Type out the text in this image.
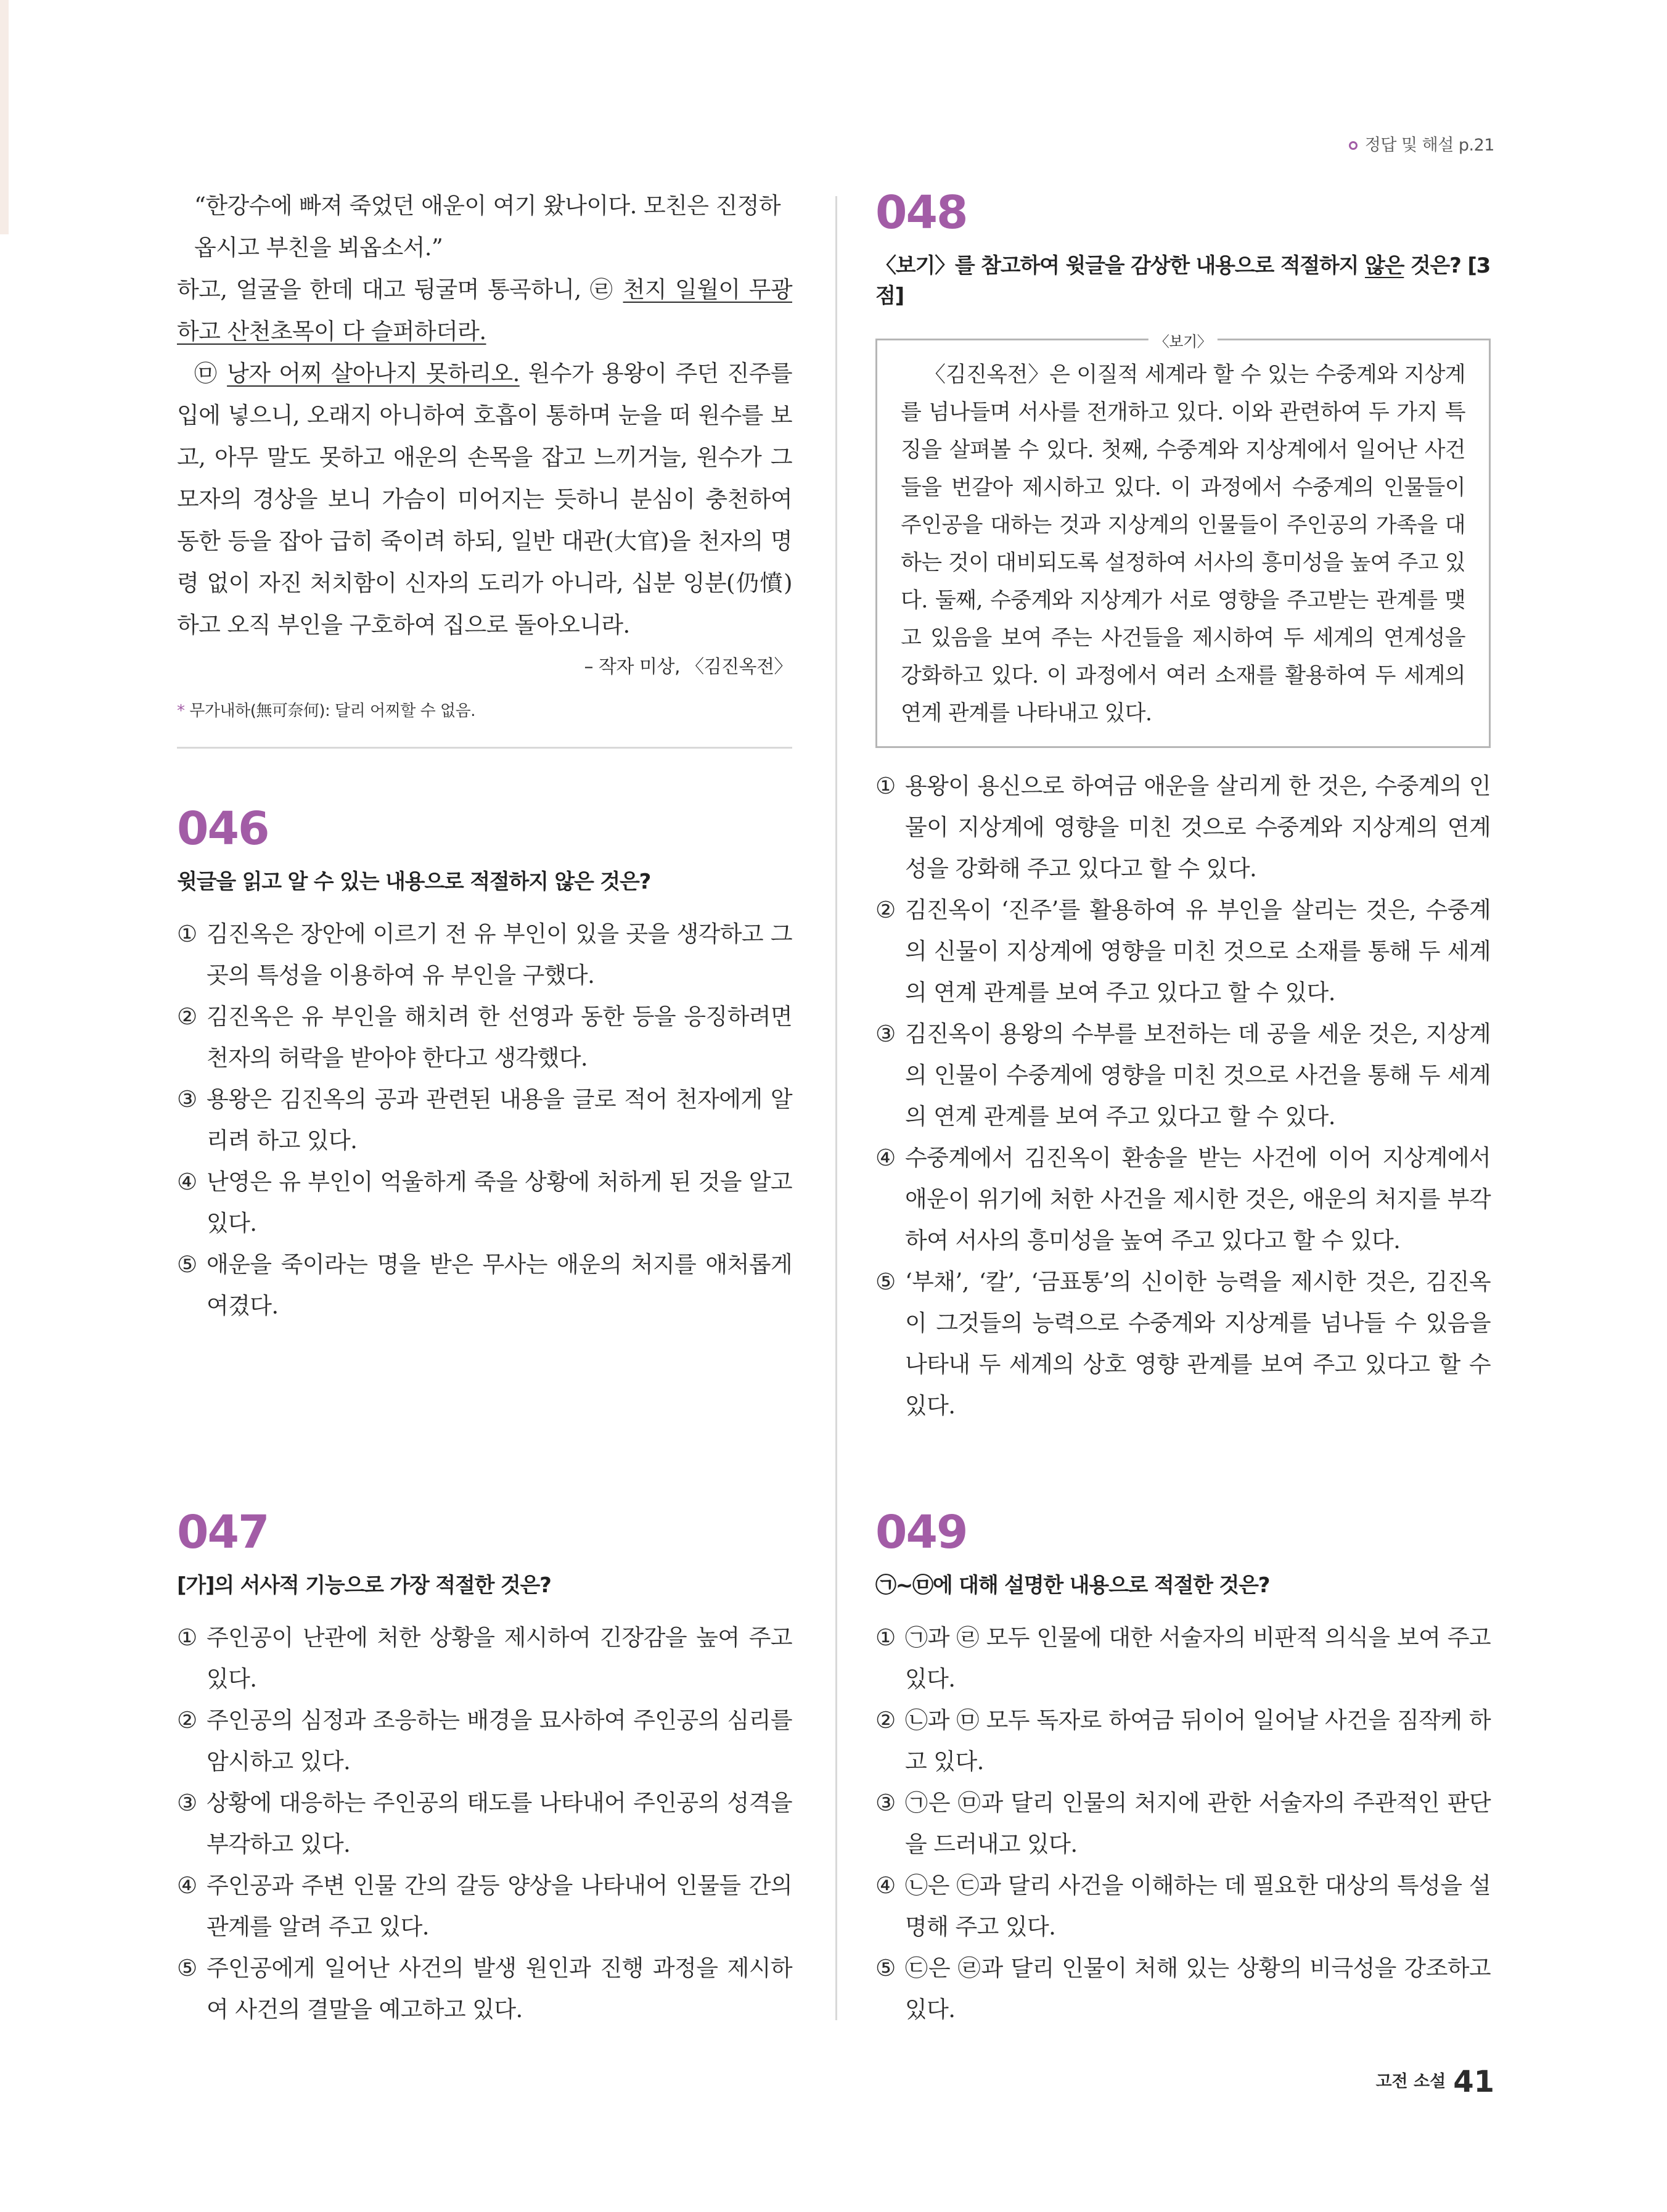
정답 및 해설 p.21

“한강수에 빠져 죽었던 애운이 여기 왔나이다. 모친은 진정하

옵시고 부친을 뵈옵소서.”

하고, 얼굴을 한데 대고 뒹굴며 통곡하니, ㉣ 천지 일월이 무광하고 산천초목이 다 슬퍼하더라.

㉤ 낭자 어찌 살아나지 못하리오. 원수가 용왕이 주던 진주를 입에 넣으니, 오래지 아니하여 호흡이 통하며 눈을 떠 원수를 보고, 아무 말도 못하고 애운의 손목을 잡고 느끼거늘, 원수가 그 모자의 경상을 보니 가슴이 미어지는 듯하니 분심이 충천하여 동한 등을 잡아 급히 죽이려 하되, 일반 대관(大官)을 천자의 명령 없이 자진 처치함이 신자의 도리가 아니라, 십분 잉분(仍憤)하고 오직 부인을 구호하여 집으로 돌아오니라.

– 작자 미상, 〈김진옥전〉
* 무가내하(無可奈何): 달리 어찌할 수 없음.
046
윗글을 읽고 알 수 있는 내용으로 적절하지 않은 것은?
① 김진옥은 장안에 이르기 전 유 부인이 있을 곳을 생각하고 그 곳의 특성을 이용하여 유 부인을 구했다.
② 김진옥은 유 부인을 해치려 한 선영과 동한 등을 응징하려면 천자의 허락을 받아야 한다고 생각했다.
③ 용왕은 김진옥의 공과 관련된 내용을 글로 적어 천자에게 알리려 하고 있다.
④ 난영은 유 부인이 억울하게 죽을 상황에 처하게 된 것을 알고 있다.
⑤ 애운을 죽이라는 명을 받은 무사는 애운의 처지를 애처롭게 여겼다.
047
[가]의 서사적 기능으로 가장 적절한 것은?
① 주인공이 난관에 처한 상황을 제시하여 긴장감을 높여 주고 있다.
② 주인공의 심정과 조응하는 배경을 묘사하여 주인공의 심리를 암시하고 있다.
③ 상황에 대응하는 주인공의 태도를 나타내어 주인공의 성격을 부각하고 있다.
④ 주인공과 주변 인물 간의 갈등 양상을 나타내어 인물들 간의 관계를 알려 주고 있다.
⑤ 주인공에게 일어난 사건의 발생 원인과 진행 과정을 제시하여 사건의 결말을 예고하고 있다.
048
〈보기〉를 참고하여 윗글을 감상한 내용으로 적절하지 않은 것은? [3점]
〈보기〉

〈김진옥전〉은 이질적 세계라 할 수 있는 수중계와 지상계를 넘나들며 서사를 전개하고 있다. 이와 관련하여 두 가지 특징을 살펴볼 수 있다. 첫째, 수중계와 지상계에서 일어난 사건들을 번갈아 제시하고 있다. 이 과정에서 수중계의 인물들이 주인공을 대하는 것과 지상계의 인물들이 주인공의 가족을 대하는 것이 대비되도록 설정하여 서사의 흥미성을 높여 주고 있다. 둘째, 수중계와 지상계가 서로 영향을 주고받는 관계를 맺고 있음을 보여 주는 사건들을 제시하여 두 세계의 연계성을 강화하고 있다. 이 과정에서 여러 소재를 활용하여 두 세계의 연계 관계를 나타내고 있다.

① 용왕이 용신으로 하여금 애운을 살리게 한 것은, 수중계의 인물이 지상계에 영향을 미친 것으로 수중계와 지상계의 연계성을 강화해 주고 있다고 할 수 있다.
② 김진옥이 ‘진주’를 활용하여 유 부인을 살리는 것은, 수중계의 신물이 지상계에 영향을 미친 것으로 소재를 통해 두 세계의 연계 관계를 보여 주고 있다고 할 수 있다.
③ 김진옥이 용왕의 수부를 보전하는 데 공을 세운 것은, 지상계의 인물이 수중계에 영향을 미친 것으로 사건을 통해 두 세계의 연계 관계를 보여 주고 있다고 할 수 있다.
④ 수중계에서 김진옥이 환송을 받는 사건에 이어 지상계에서 애운이 위기에 처한 사건을 제시한 것은, 애운의 처지를 부각하여 서사의 흥미성을 높여 주고 있다고 할 수 있다.
⑤ ‘부채’, ‘칼’, ‘금표통’의 신이한 능력을 제시한 것은, 김진옥이 그것들의 능력으로 수중계와 지상계를 넘나들 수 있음을 나타내 두 세계의 상호 영향 관계를 보여 주고 있다고 할 수 있다.
049
㉠~㉤에 대해 설명한 내용으로 적절한 것은?
① ㉠과 ㉣ 모두 인물에 대한 서술자의 비판적 의식을 보여 주고 있다.
② ㉡과 ㉤ 모두 독자로 하여금 뒤이어 일어날 사건을 짐작케 하고 있다.
③ ㉠은 ㉤과 달리 인물의 처지에 관한 서술자의 주관적인 판단을 드러내고 있다.
④ ㉡은 ㉢과 달리 사건을 이해하는 데 필요한 대상의 특성을 설명해 주고 있다.
⑤ ㉢은 ㉣과 달리 인물이 처해 있는 상황의 비극성을 강조하고 있다.
고전 소설 41
